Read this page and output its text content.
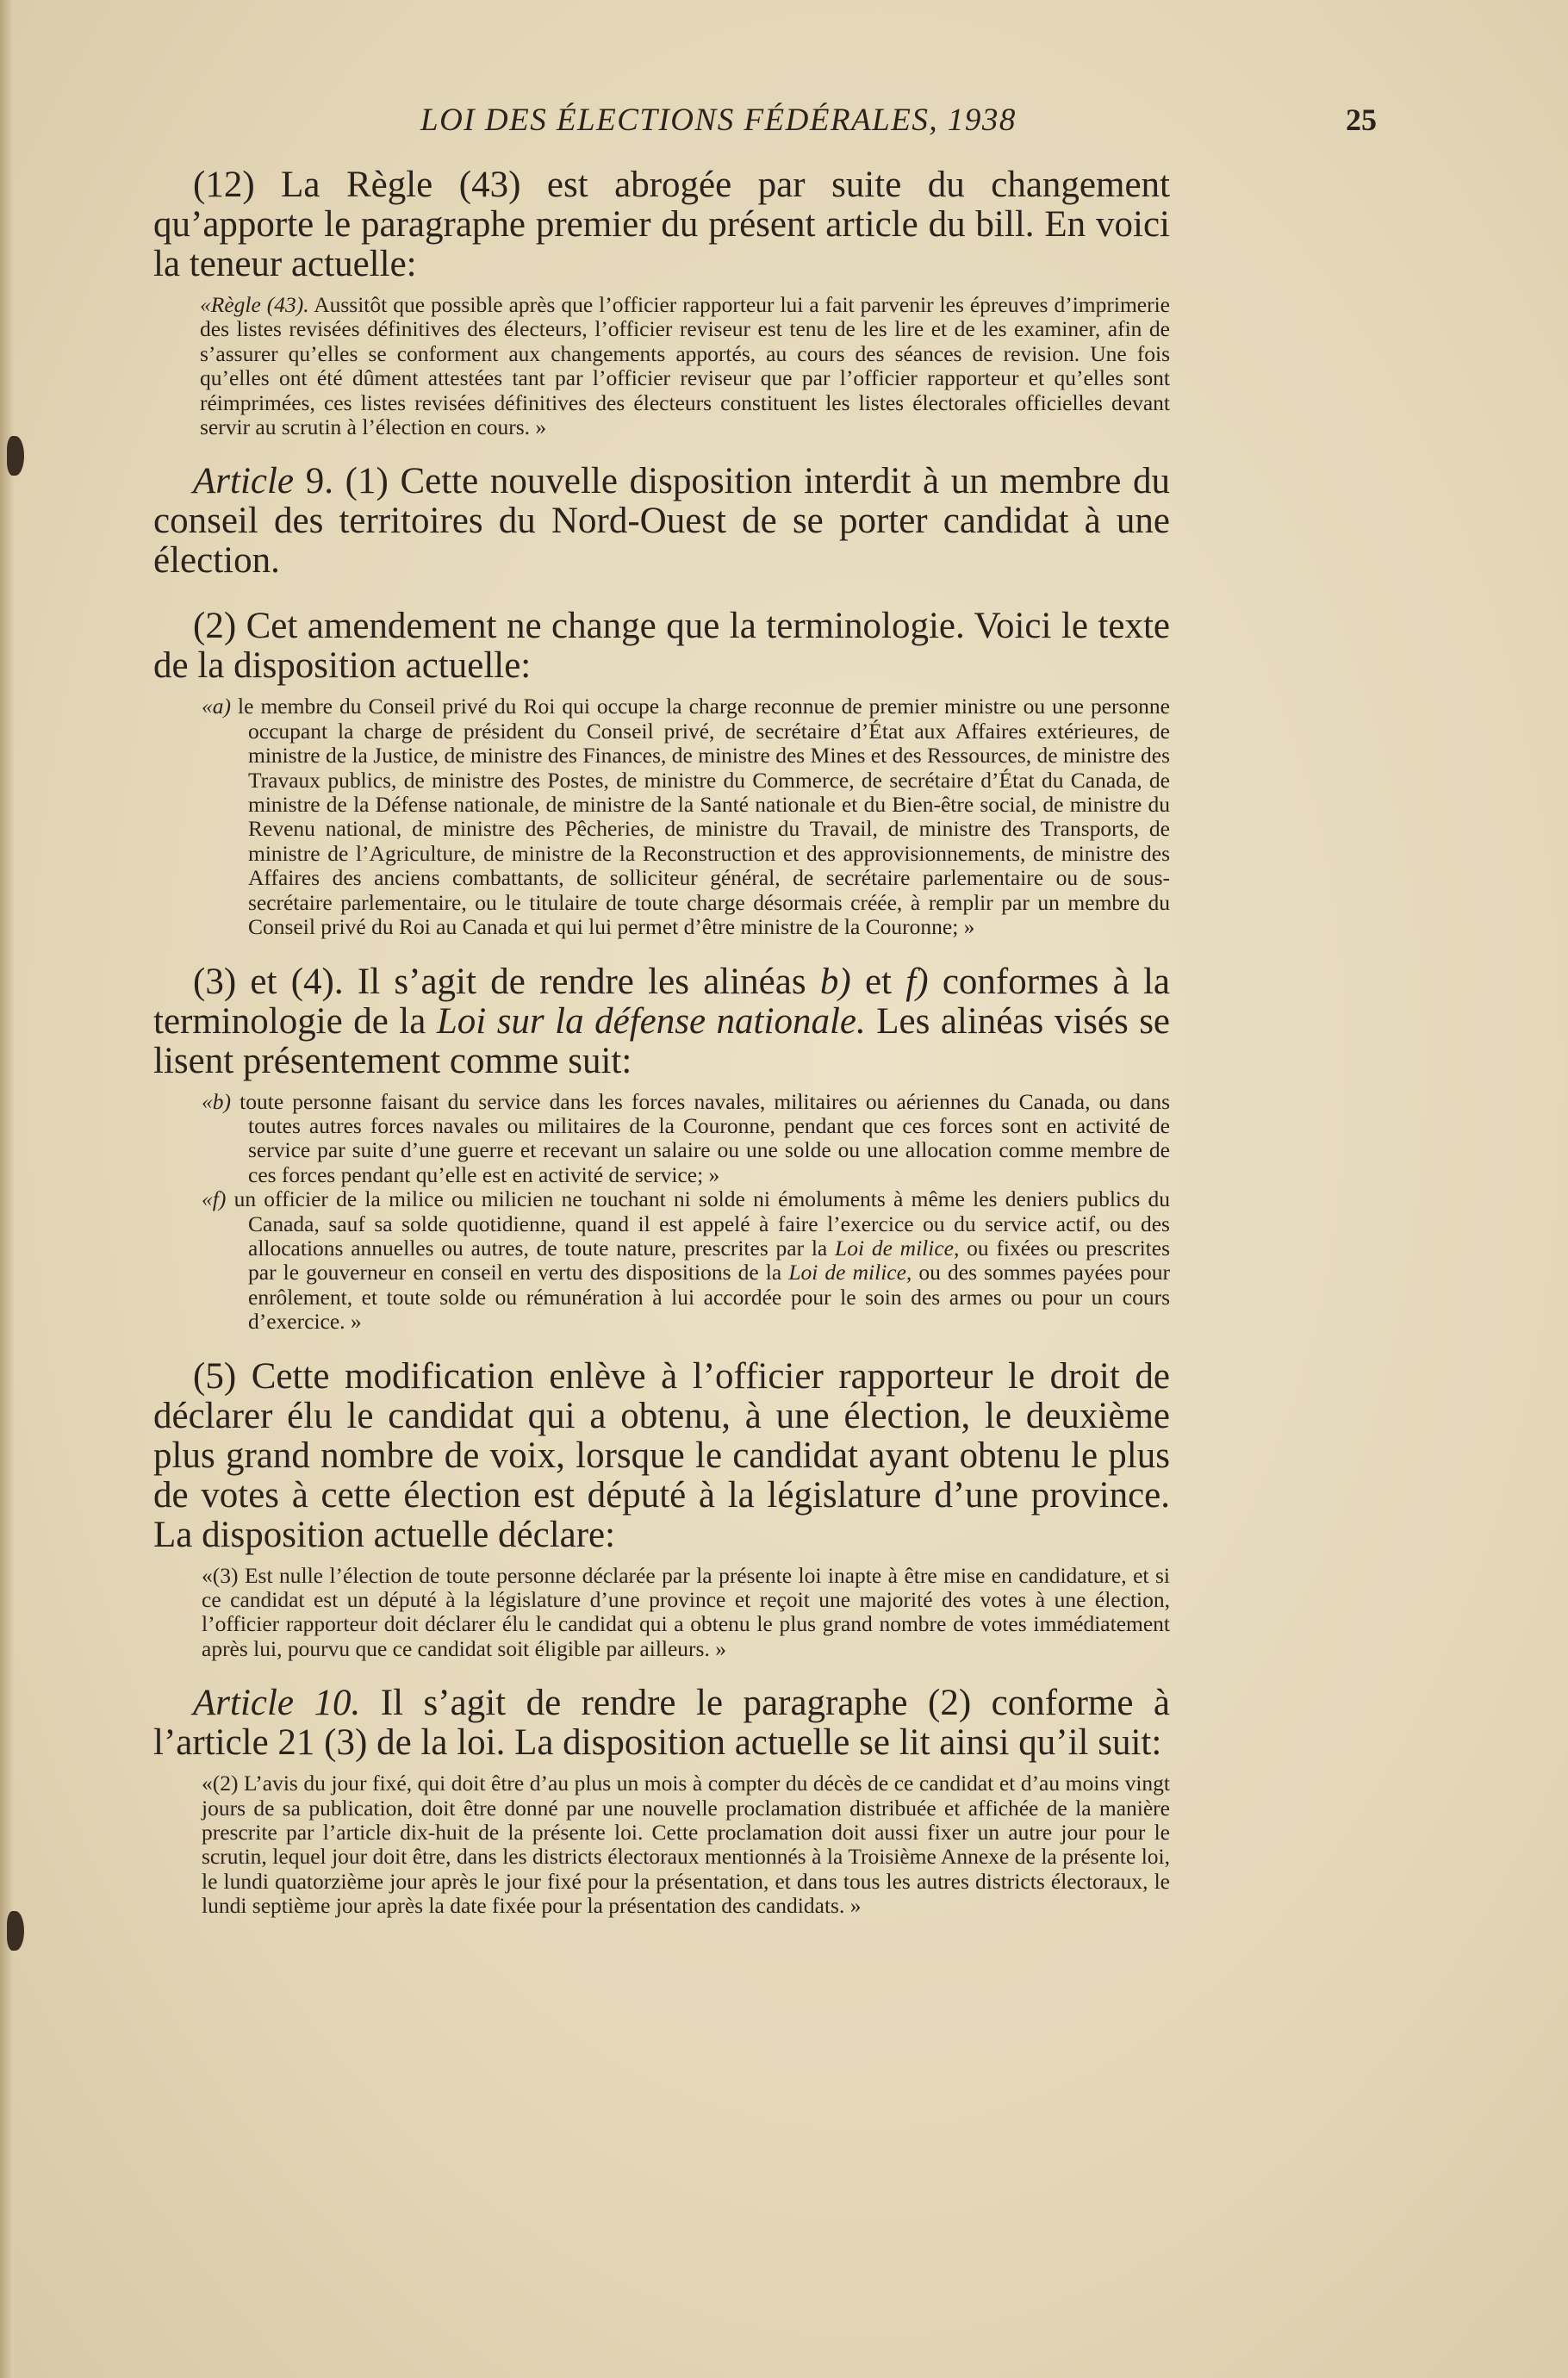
LOI DES ÉLECTIONS FÉDÉRALES, 1938	25

(12) La Règle (43) est abrogée par suite du changement qu’apporte le paragraphe premier du présent article du bill. En voici la teneur actuelle:

«Règle (43). Aussitôt que possible après que l’officier rapporteur lui a fait parvenir les épreuves d’imprimerie des listes revisées définitives des électeurs, l’officier reviseur est tenu de les lire et de les examiner, afin de s’assurer qu’elles se conforment aux changements apportés, au cours des séances de revision. Une fois qu’elles ont été dûment attestées tant par l’officier reviseur que par l’officier rapporteur et qu’elles sont réimprimées, ces listes revisées définitives des électeurs constituent les listes électorales officielles devant servir au scrutin à l’élection en cours. »

Article 9. (1) Cette nouvelle disposition interdit à un membre du conseil des territoires du Nord-Ouest de se porter candidat à une élection.

(2) Cet amendement ne change que la terminologie. Voici le texte de la disposition actuelle:

«a) le membre du Conseil privé du Roi qui occupe la charge reconnue de premier ministre ou une personne occupant la charge de président du Conseil privé, de secrétaire d’État aux Affaires extérieures, de ministre de la Justice, de ministre des Finances, de ministre des Mines et des Ressources, de ministre des Travaux publics, de ministre des Postes, de ministre du Commerce, de secrétaire d’État du Canada, de ministre de la Défense nationale, de ministre de la Santé nationale et du Bien-être social, de ministre du Revenu national, de ministre des Pêcheries, de ministre du Travail, de ministre des Transports, de ministre de l’Agriculture, de ministre de la Reconstruction et des approvisionnements, de ministre des Affaires des anciens combattants, de solliciteur général, de secrétaire parlementaire ou de sous-secrétaire parlementaire, ou le titulaire de toute charge désormais créée, à remplir par un membre du Conseil privé du Roi au Canada et qui lui permet d’être ministre de la Couronne; »

(3) et (4). Il s’agit de rendre les alinéas b) et f) conformes à la terminologie de la Loi sur la défense nationale. Les alinéas visés se lisent présentement comme suit:

«b) toute personne faisant du service dans les forces navales, militaires ou aériennes du Canada, ou dans toutes autres forces navales ou militaires de la Couronne, pendant que ces forces sont en activité de service par suite d’une guerre et recevant un salaire ou une solde ou une allocation comme membre de ces forces pendant qu’elle est en activité de service; »

«f) un officier de la milice ou milicien ne touchant ni solde ni émoluments à même les deniers publics du Canada, sauf sa solde quotidienne, quand il est appelé à faire l’exercice ou du service actif, ou des allocations annuelles ou autres, de toute nature, prescrites par la Loi de milice, ou fixées ou prescrites par le gouverneur en conseil en vertu des dispositions de la Loi de milice, ou des sommes payées pour enrôlement, et toute solde ou rémunération à lui accordée pour le soin des armes ou pour un cours d’exercice. »

(5) Cette modification enlève à l’officier rapporteur le droit de déclarer élu le candidat qui a obtenu, à une élection, le deuxième plus grand nombre de voix, lorsque le candidat ayant obtenu le plus de votes à cette élection est député à la législature d’une province. La disposition actuelle déclare:

«(3) Est nulle l’élection de toute personne déclarée par la présente loi inapte à être mise en candidature, et si ce candidat est un député à la législature d’une province et reçoit une majorité des votes à une élection, l’officier rapporteur doit déclarer élu le candidat qui a obtenu le plus grand nombre de votes immédiatement après lui, pourvu que ce candidat soit éligible par ailleurs. »

Article 10. Il s’agit de rendre le paragraphe (2) conforme à l’article 21 (3) de la loi. La disposition actuelle se lit ainsi qu’il suit:

«(2) L’avis du jour fixé, qui doit être d’au plus un mois à compter du décès de ce candidat et d’au moins vingt jours de sa publication, doit être donné par une nouvelle proclamation distribuée et affichée de la manière prescrite par l’article dix-huit de la présente loi. Cette proclamation doit aussi fixer un autre jour pour le scrutin, lequel jour doit être, dans les districts électoraux mentionnés à la Troisième Annexe de la présente loi, le lundi quatorzième jour après le jour fixé pour la présentation, et dans tous les autres districts électoraux, le lundi septième jour après la date fixée pour la présentation des candidats. »
